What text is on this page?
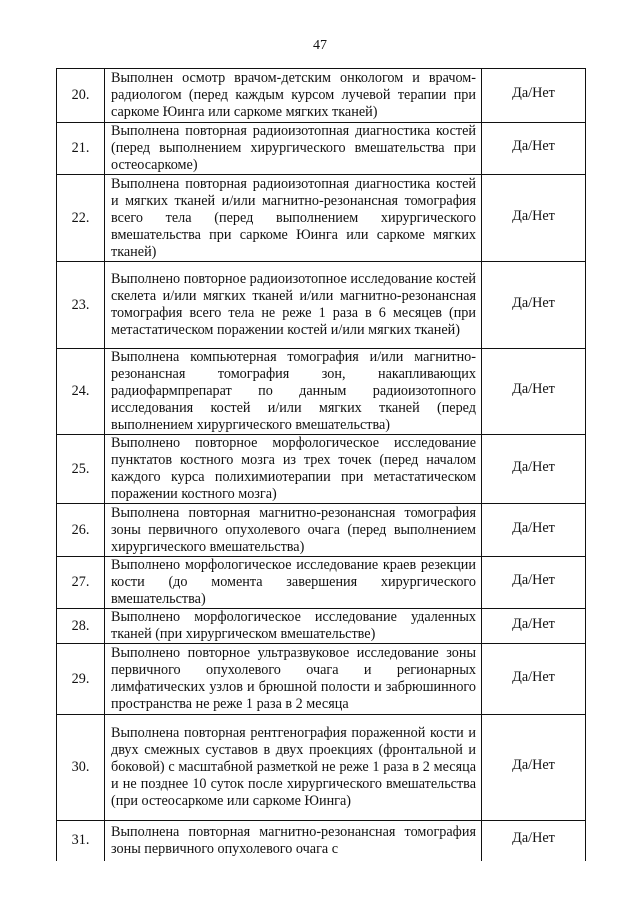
47
20.	Выполнен осмотр врачом-детским онкологом и врачом-радиологом (перед каждым курсом лучевой терапии при саркоме Юинга или саркоме мягких тканей)	Да/Нет
21.	Выполнена повторная радиоизотопная диагностика костей (перед выполнением хирургического вмешательства при остеосаркоме)	Да/Нет
22.	Выполнена повторная радиоизотопная диагностика костей и мягких тканей и/или магнитно-резонансная томография всего тела (перед выполнением хирургического вмешательства при саркоме Юинга или саркоме мягких тканей)	Да/Нет
23.	Выполнено повторное радиоизотопное исследование костей скелета и/или мягких тканей и/или магнитно-резонансная томография всего тела не реже 1 раза в 6 месяцев (при метастатическом поражении костей и/или мягких тканей)	Да/Нет
24.	Выполнена компьютерная томография и/или магнитно-резонансная томография зон, накапливающих радиофармпрепарат по данным радиоизотопного исследования костей и/или мягких тканей (перед выполнением хирургического вмешательства)	Да/Нет
25.	Выполнено повторное морфологическое исследование пунктатов костного мозга из трех точек (перед началом каждого курса полихимиотерапии при метастатическом поражении костного мозга)	Да/Нет
26.	Выполнена повторная магнитно-резонансная томография зоны первичного опухолевого очага (перед выполнением хирургического вмешательства)	Да/Нет
27.	Выполнено морфологическое исследование краев резекции кости (до момента завершения хирургического вмешательства)	Да/Нет
28.	Выполнено морфологическое исследование удаленных тканей (при хирургическом вмешательстве)	Да/Нет
29.	Выполнено повторное ультразвуковое исследование зоны первичного опухолевого очага и регионарных лимфатических узлов и брюшной полости и забрюшинного пространства не реже 1 раза в 2 месяца	Да/Нет
30.	Выполнена повторная рентгенография пораженной кости и двух смежных суставов в двух проекциях (фронтальной и боковой) с масштабной разметкой не реже 1 раза в 2 месяца и не позднее 10 суток после хирургического вмешательства (при остеосаркоме или саркоме Юинга)	Да/Нет
31.	Выполнена повторная магнитно-резонансная томография зоны первичного опухолевого очага с	Да/Нет
